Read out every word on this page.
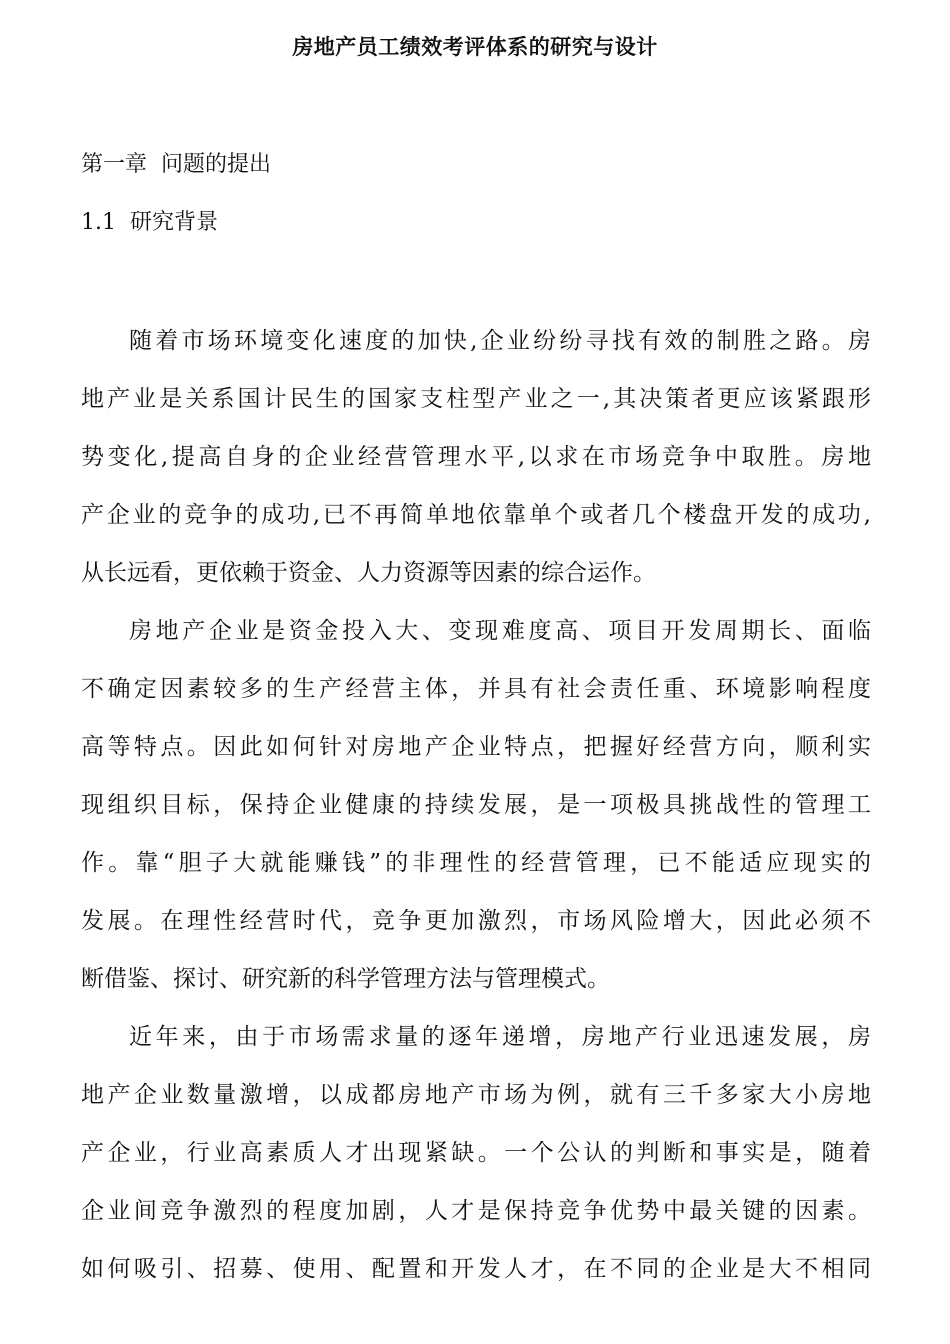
房地产员工绩效考评体系的研究与设计
第一章  问题的提出
1.1  研究背景
随着市场环境变化速度的加快,企业纷纷寻找有效的制胜之路。房
地产业是关系国计民生的国家支柱型产业之一,其决策者更应该紧跟形
势变化,提高自身的企业经营管理水平,以求在市场竞争中取胜。房地
产企业的竞争的成功,已不再简单地依靠单个或者几个楼盘开发的成功,
从长远看，更依赖于资金、人力资源等因素的综合运作。
房地产企业是资金投入大、变现难度高、项目开发周期长、面临
不确定因素较多的生产经营主体，并具有社会责任重、环境影响程度
高等特点。因此如何针对房地产企业特点，把握好经营方向，顺利实
现组织目标，保持企业健康的持续发展，是一项极具挑战性的管理工
作。靠“胆子大就能赚钱”的非理性的经营管理，已不能适应现实的
发展。在理性经营时代，竞争更加激烈，市场风险增大，因此必须不
断借鉴、探讨、研究新的科学管理方法与管理模式。
近年来，由于市场需求量的逐年递增，房地产行业迅速发展，房
地产企业数量激增，以成都房地产市场为例，就有三千多家大小房地
产企业，行业高素质人才出现紧缺。一个公认的判断和事实是，随着
企业间竞争激烈的程度加剧，人才是保持竞争优势中最关键的因素。
如何吸引、招募、使用、配置和开发人才，在不同的企业是大不相同
